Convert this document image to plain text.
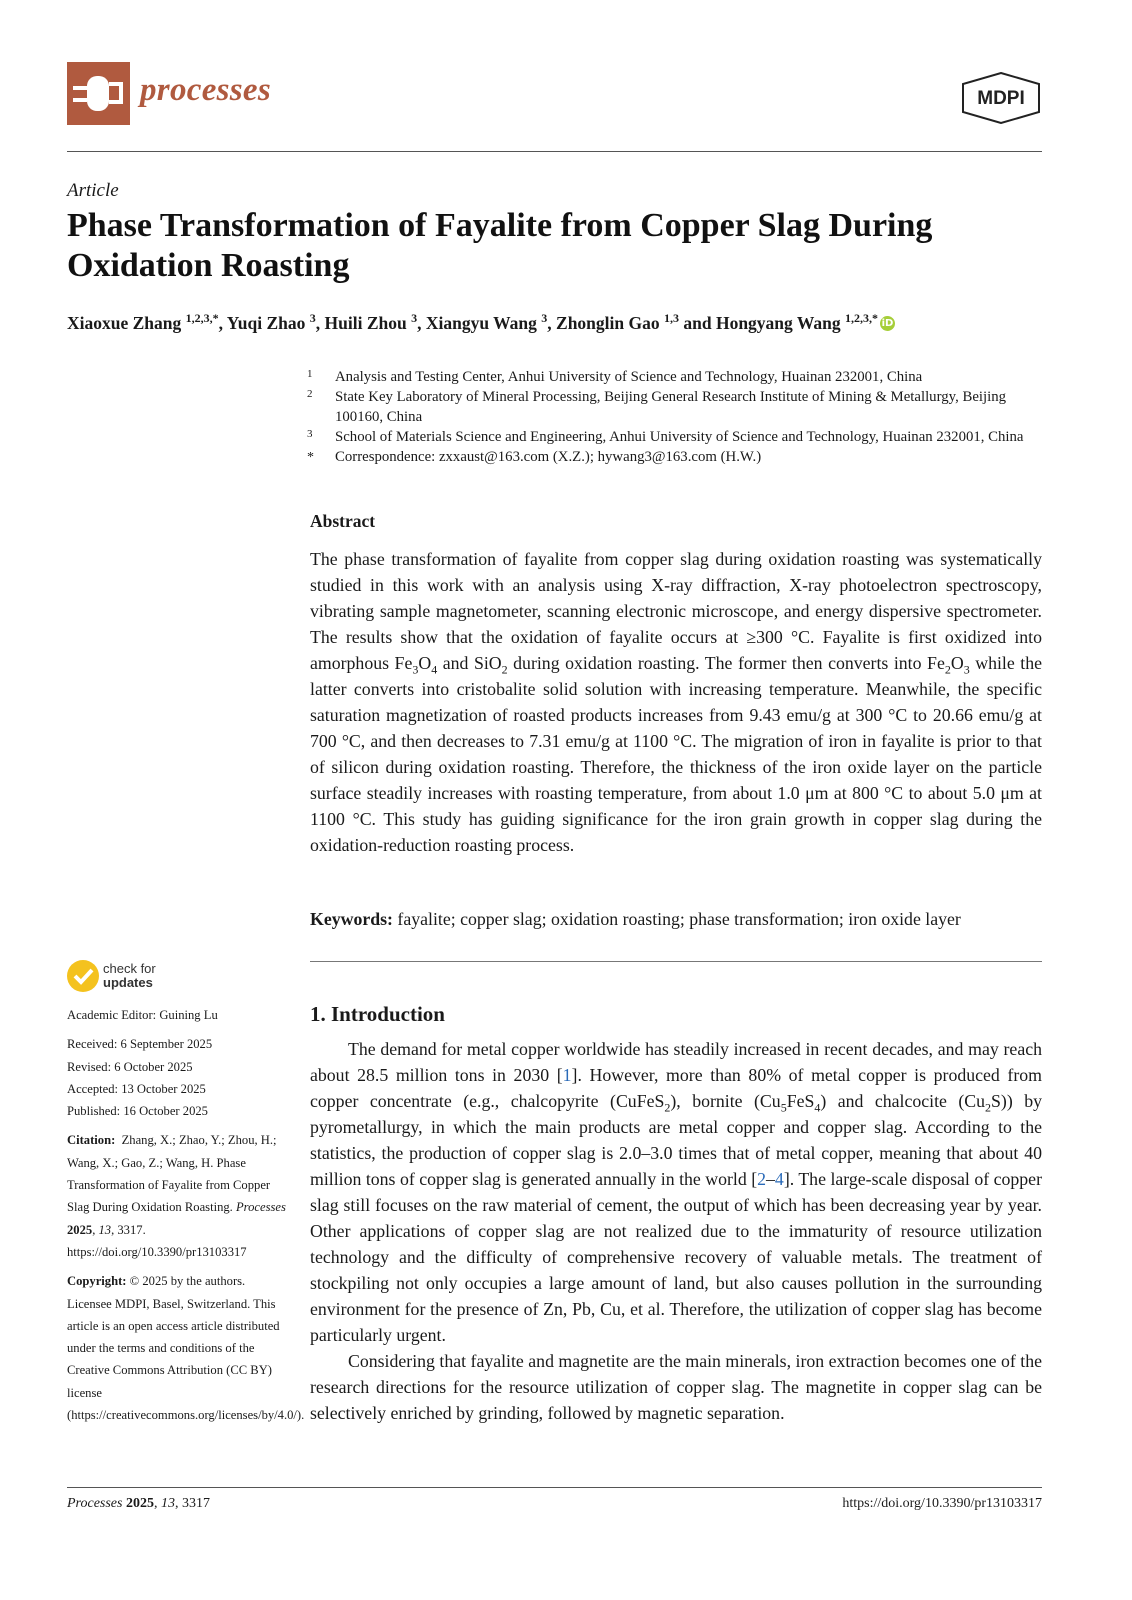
processes	MDPI
Article
Phase Transformation of Fayalite from Copper Slag During Oxidation Roasting
Xiaoxue Zhang $^{1,2,3,*}$, Yuqi Zhao $^3$, Huili Zhou $^3$, Xiangyu Wang $^3$, Zhonglin Gao $^{1,3}$ and Hongyang Wang $^{1,2,3,*}$ iD
1	Analysis and Testing Center, Anhui University of Science and Technology, Huainan 232001, China
2	State Key Laboratory of Mineral Processing, Beijing General Research Institute of Mining & Metallurgy, Beijing 100160, China
3	School of Materials Science and Engineering, Anhui University of Science and Technology, Huainan 232001, China
*	Correspondence: zxxaust@163.com (X.Z.); hywang3@163.com (H.W.)
Abstract
The phase transformation of fayalite from copper slag during oxidation roasting was systematically studied in this work with an analysis using X-ray diffraction, X-ray photoelectron spectroscopy, vibrating sample magnetometer, scanning electronic microscope, and energy dispersive spectrometer. The results show that the oxidation of fayalite occurs at ≥300 °C. Fayalite is first oxidized into amorphous $Fe_3O_4$ and SiO$_2$ during oxidation roasting. The former then converts into $Fe_2O_3$ while the latter converts into cristobalite solid solution with increasing temperature. Meanwhile, the specific saturation magnetization of roasted products increases from 9.43 emu/g at 300 °C to 20.66 emu/g at 700 °C, and then decreases to 7.31 emu/g at 1100 °C. The migration of iron in fayalite is prior to that of silicon during oxidation roasting. Therefore, the thickness of the iron oxide layer on the particle surface steadily increases with roasting temperature, from about 1.0 μm at 800 °C to about 5.0 μm at 1100 °C. This study has guiding significance for the iron grain growth in copper slag during the oxidation-reduction roasting process.
Keywords: fayalite; copper slag; oxidation roasting; phase transformation; iron oxide layer
check for
updates

Academic Editor: Guining Lu

Received: 6 September 2025

Revised: 6 October 2025

Accepted: 13 October 2025

Published: 16 October 2025

Citation: Zhang, X.; Zhao, Y.; Zhou, H.; Wang, X.; Gao, Z.; Wang, H. Phase Transformation of Fayalite from Copper Slag During Oxidation Roasting. Processes 2025, 13, 3317. https://doi.org/10.3390/pr13103317
Copyright: © 2025 by the authors. Licensee MDPI, Basel, Switzerland. This article is an open access article distributed under the terms and conditions of the Creative Commons Attribution (CC BY) license (https://creativecommons.org/licenses/by/4.0/).
1. Introduction

The demand for metal copper worldwide has steadily increased in recent decades, and may reach about 28.5 million tons in 2030 [1]. However, more than 80% of metal copper is produced from copper concentrate (e.g., chalcopyrite (CuFeS$_2$), bornite $(Cu_5FeS_4)$ and chalcocite $(Cu_2S)$) by pyrometallurgy, in which the main products are metal copper and copper slag. According to the statistics, the production of copper slag is 2.0–3.0 times that of metal copper, meaning that about 40 million tons of copper slag is generated annually in the world [2–4]. The large-scale disposal of copper slag still focuses on the raw material of cement, the output of which has been decreasing year by year. Other applications of copper slag are not realized due to the immaturity of resource utilization technology and the difficulty of comprehensive recovery of valuable metals. The treatment of stockpiling not only occupies a large amount of land, but also causes pollution in the surrounding environment for the presence of Zn, Pb, Cu, et al. Therefore, the utilization of copper slag has become particularly urgent.

Considering that fayalite and magnetite are the main minerals, iron extraction becomes one of the research directions for the resource utilization of copper slag. The magnetite in copper slag can be selectively enriched by grinding, followed by magnetic separation.

Processes 2025, 13, 3317	https://doi.org/10.3390/pr13103317
